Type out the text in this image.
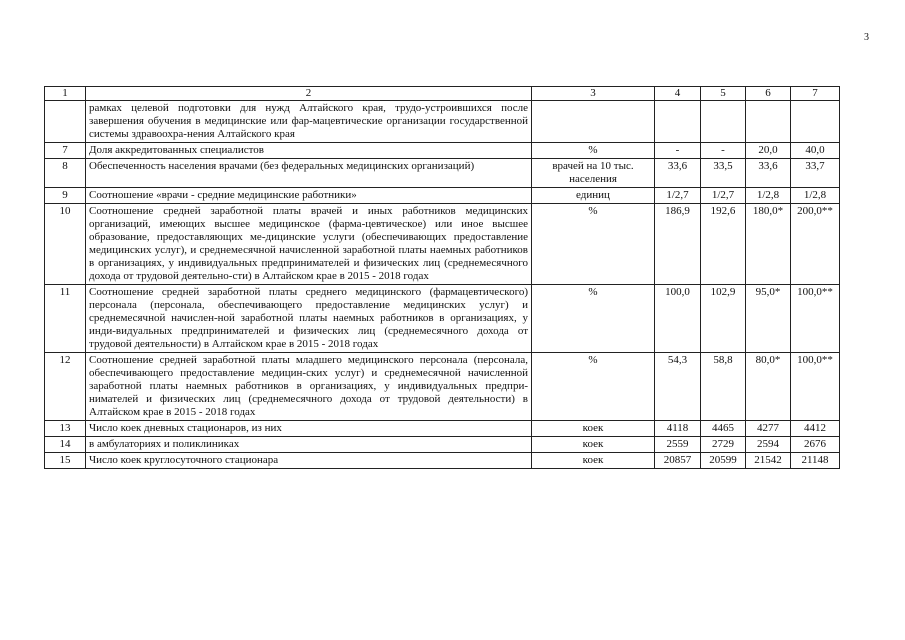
3
1	2	3	4	5	6	7
	рамках целевой подготовки для нужд Алтайского края, трудо-устроившихся после завершения обучения в медицинские или фар-мацевтические организации государственной системы здравоохра-нения Алтайского края					
7	Доля аккредитованных специалистов	%	-	-	20,0	40,0
8	Обеспеченность населения врачами (без федеральных медицинских организаций)	врачей на 10 тыс. населения	33,6	33,5	33,6	33,7
9	Соотношение «врачи - средние медицинские работники»	единиц	1/2,7	1/2,7	1/2,8	1/2,8
10	Соотношение средней заработной платы врачей и иных работников медицинских организаций, имеющих высшее медицинское (фарма-цевтическое) или иное высшее образование, предоставляющих ме-дицинские услуги (обеспечивающих предоставление медицинских услуг), и среднемесячной начисленной заработной платы наемных работников в организациях, у индивидуальных предпринимателей и физических лиц (среднемесячного дохода от трудовой деятельно-сти) в Алтайском крае в 2015 - 2018 годах	%	186,9	192,6	180,0*	200,0**
11	Соотношение средней заработной платы среднего медицинского (фармацевтического) персонала (персонала, обеспечивающего предоставление медицинских услуг) и среднемесячной начислен-ной заработной платы наемных работников в организациях, у инди-видуальных предпринимателей и физических лиц (среднемесячного дохода от трудовой деятельности) в Алтайском крае в 2015 - 2018 годах	%	100,0	102,9	95,0*	100,0**
12	Соотношение средней заработной платы младшего медицинского персонала (персонала, обеспечивающего предоставление медицин-ских услуг) и среднемесячной начисленной заработной платы наемных работников в организациях, у индивидуальных предпри-нимателей и физических лиц (среднемесячного дохода от трудовой деятельности) в Алтайском крае в 2015 - 2018 годах	%	54,3	58,8	80,0*	100,0**
13	Число коек дневных стационаров, из них	коек	4118	4465	4277	4412
14	в амбулаториях и поликлиниках	коек	2559	2729	2594	2676
15	Число коек круглосуточного стационара	коек	20857	20599	21542	21148
